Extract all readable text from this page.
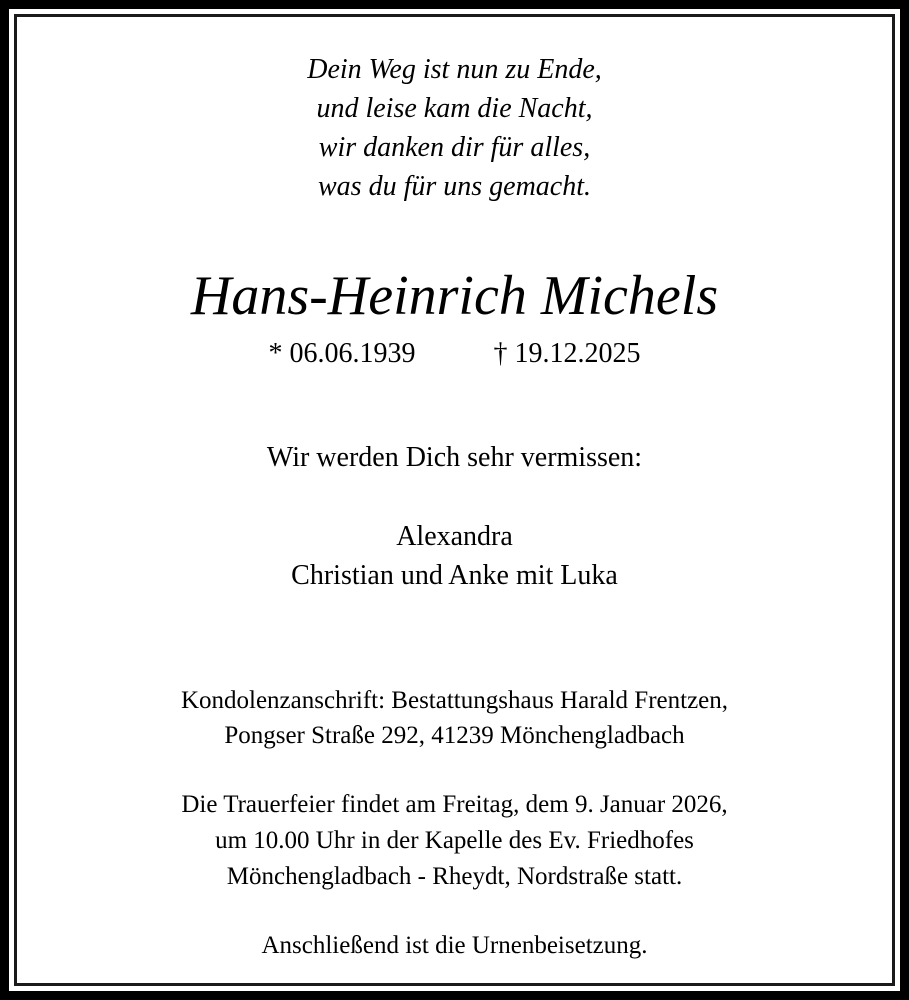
Dein Weg ist nun zu Ende,
und leise kam die Nacht,
wir danken dir für alles,
was du für uns gemacht.
Hans-Heinrich Michels
* 06.06.1939	† 19.12.2025
Wir werden Dich sehr vermissen:
Alexandra
Christian und Anke mit Luka
Kondolenzanschrift: Bestattungshaus Harald Frentzen,
Pongser Straße 292, 41239 Mönchengladbach
Die Trauerfeier findet am Freitag, dem 9. Januar 2026,
um 10.00 Uhr in der Kapelle des Ev. Friedhofes
Mönchengladbach - Rheydt, Nordstraße statt.
Anschließend ist die Urnenbeisetzung.
